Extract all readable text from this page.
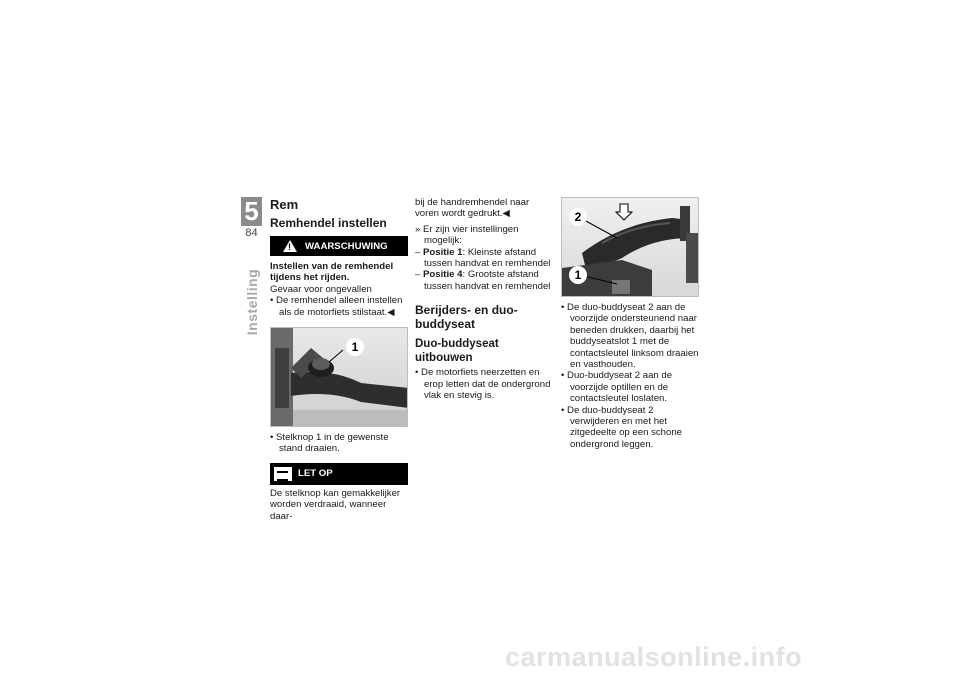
5
84
Instelling
Rem
Remhendel instellen
!
WAARSCHUWING
Instellen van de remhendel tijdens het rijden.
Gevaar voor ongevallen
• De remhendel alleen instellen als de motorfiets stilstaat.◀
1
• Stelknop 1 in de gewenste stand draaien.
LET OP
De stelknop kan gemakkelijker worden verdraaid, wanneer daar-
bij de handremhendel naar voren wordt gedrukt.◀
» Er zijn vier instellingen mogelijk:
– Positie 1: Kleinste afstand tussen handvat en remhendel
– Positie 4: Grootste afstand tussen handvat en remhendel
Berijders- en duo-buddyseat
Duo-buddyseat uitbouwen
• De motorfiets neerzetten en erop letten dat de ondergrond vlak en stevig is.
2
1
• De duo-buddyseat 2 aan de voorzijde ondersteunend naar beneden drukken, daarbij het buddyseatslot 1 met de contactsleutel linksom draaien en vasthouden.
• Duo-buddyseat 2 aan de voorzijde optillen en de contactsleutel loslaten.
• De duo-buddyseat 2 verwijderen en met het zitgedeelte op een schone ondergrond leggen.
carmanualsonline.info
